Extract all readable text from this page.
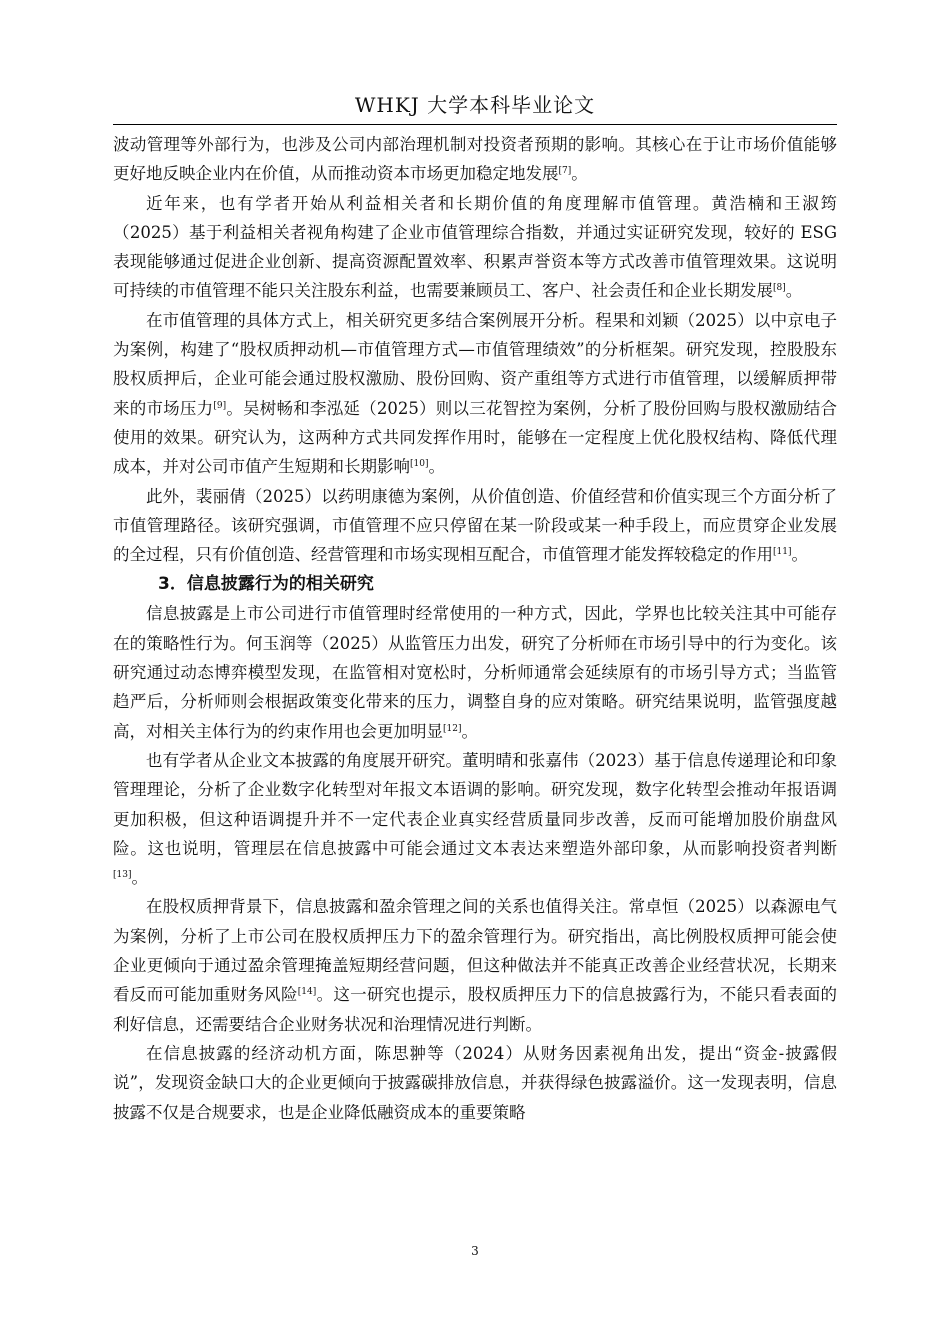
WHKJ 大学本科毕业论文

波动管理等外部行为，也涉及公司内部治理机制对投资者预期的影响。其核心在于让市场价值能够更好地反映企业内在价值，从而推动资本市场更加稳定地发展[7]。

近年来，也有学者开始从利益相关者和长期价值的角度理解市值管理。黄浩楠和王淑筠（2025）基于利益相关者视角构建了企业市值管理综合指数，并通过实证研究发现，较好的 ESG 表现能够通过促进企业创新、提高资源配置效率、积累声誉资本等方式改善市值管理效果。这说明可持续的市值管理不能只关注股东利益，也需要兼顾员工、客户、社会责任和企业长期发展[8]。

在市值管理的具体方式上，相关研究更多结合案例展开分析。程果和刘颖（2025）以中京电子为案例，构建了“股权质押动机—市值管理方式—市值管理绩效”的分析框架。研究发现，控股股东股权质押后，企业可能会通过股权激励、股份回购、资产重组等方式进行市值管理，以缓解质押带来的市场压力[9]。吴树畅和李泓延（2025）则以三花智控为案例，分析了股份回购与股权激励结合使用的效果。研究认为，这两种方式共同发挥作用时，能够在一定程度上优化股权结构、降低代理成本，并对公司市值产生短期和长期影响[10]。

此外，裴丽倩（2025）以药明康德为案例，从价值创造、价值经营和价值实现三个方面分析了市值管理路径。该研究强调，市值管理不应只停留在某一阶段或某一种手段上，而应贯穿企业发展的全过程，只有价值创造、经营管理和市场实现相互配合，市值管理才能发挥较稳定的作用[11]。

3．信息披露行为的相关研究

信息披露是上市公司进行市值管理时经常使用的一种方式，因此，学界也比较关注其中可能存在的策略性行为。何玉润等（2025）从监管压力出发，研究了分析师在市场引导中的行为变化。该研究通过动态博弈模型发现，在监管相对宽松时，分析师通常会延续原有的市场引导方式；当监管趋严后，分析师则会根据政策变化带来的压力，调整自身的应对策略。研究结果说明，监管强度越高，对相关主体行为的约束作用也会更加明显[12]。

也有学者从企业文本披露的角度展开研究。董明晴和张嘉伟（2023）基于信息传递理论和印象管理理论，分析了企业数字化转型对年报文本语调的影响。研究发现，数字化转型会推动年报语调更加积极，但这种语调提升并不一定代表企业真实经营质量同步改善，反而可能增加股价崩盘风险。这也说明，管理层在信息披露中可能会通过文本表达来塑造外部印象，从而影响投资者判断[13]。

在股权质押背景下，信息披露和盈余管理之间的关系也值得关注。常卓恒（2025）以森源电气为案例，分析了上市公司在股权质押压力下的盈余管理行为。研究指出，高比例股权质押可能会使企业更倾向于通过盈余管理掩盖短期经营问题，但这种做法并不能真正改善企业经营状况，长期来看反而可能加重财务风险[14]。这一研究也提示，股权质押压力下的信息披露行为，不能只看表面的利好信息，还需要结合企业财务状况和治理情况进行判断。

在信息披露的经济动机方面，陈思翀等（2024）从财务因素视角出发，提出“资金-披露假说”，发现资金缺口大的企业更倾向于披露碳排放信息，并获得绿色披露溢价。这一发现表明，信息披露不仅是合规要求，也是企业降低融资成本的重要策略

3
